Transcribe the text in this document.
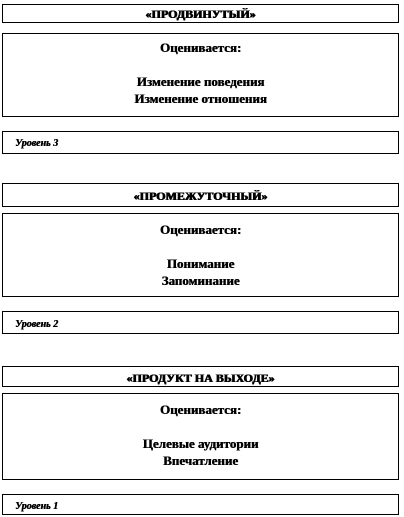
«ПРОДВИНУТЫЙ»
Оценивается:
Изменение поведения
Изменение отношения
Уровень 3
«ПРОМЕЖУТОЧНЫЙ»
Оценивается:
Понимание
Запоминание
Уровень 2
«ПРОДУКТ НА ВЫХОДЕ»
Оценивается:
Целевые аудитории
Впечатление
Уровень 1
